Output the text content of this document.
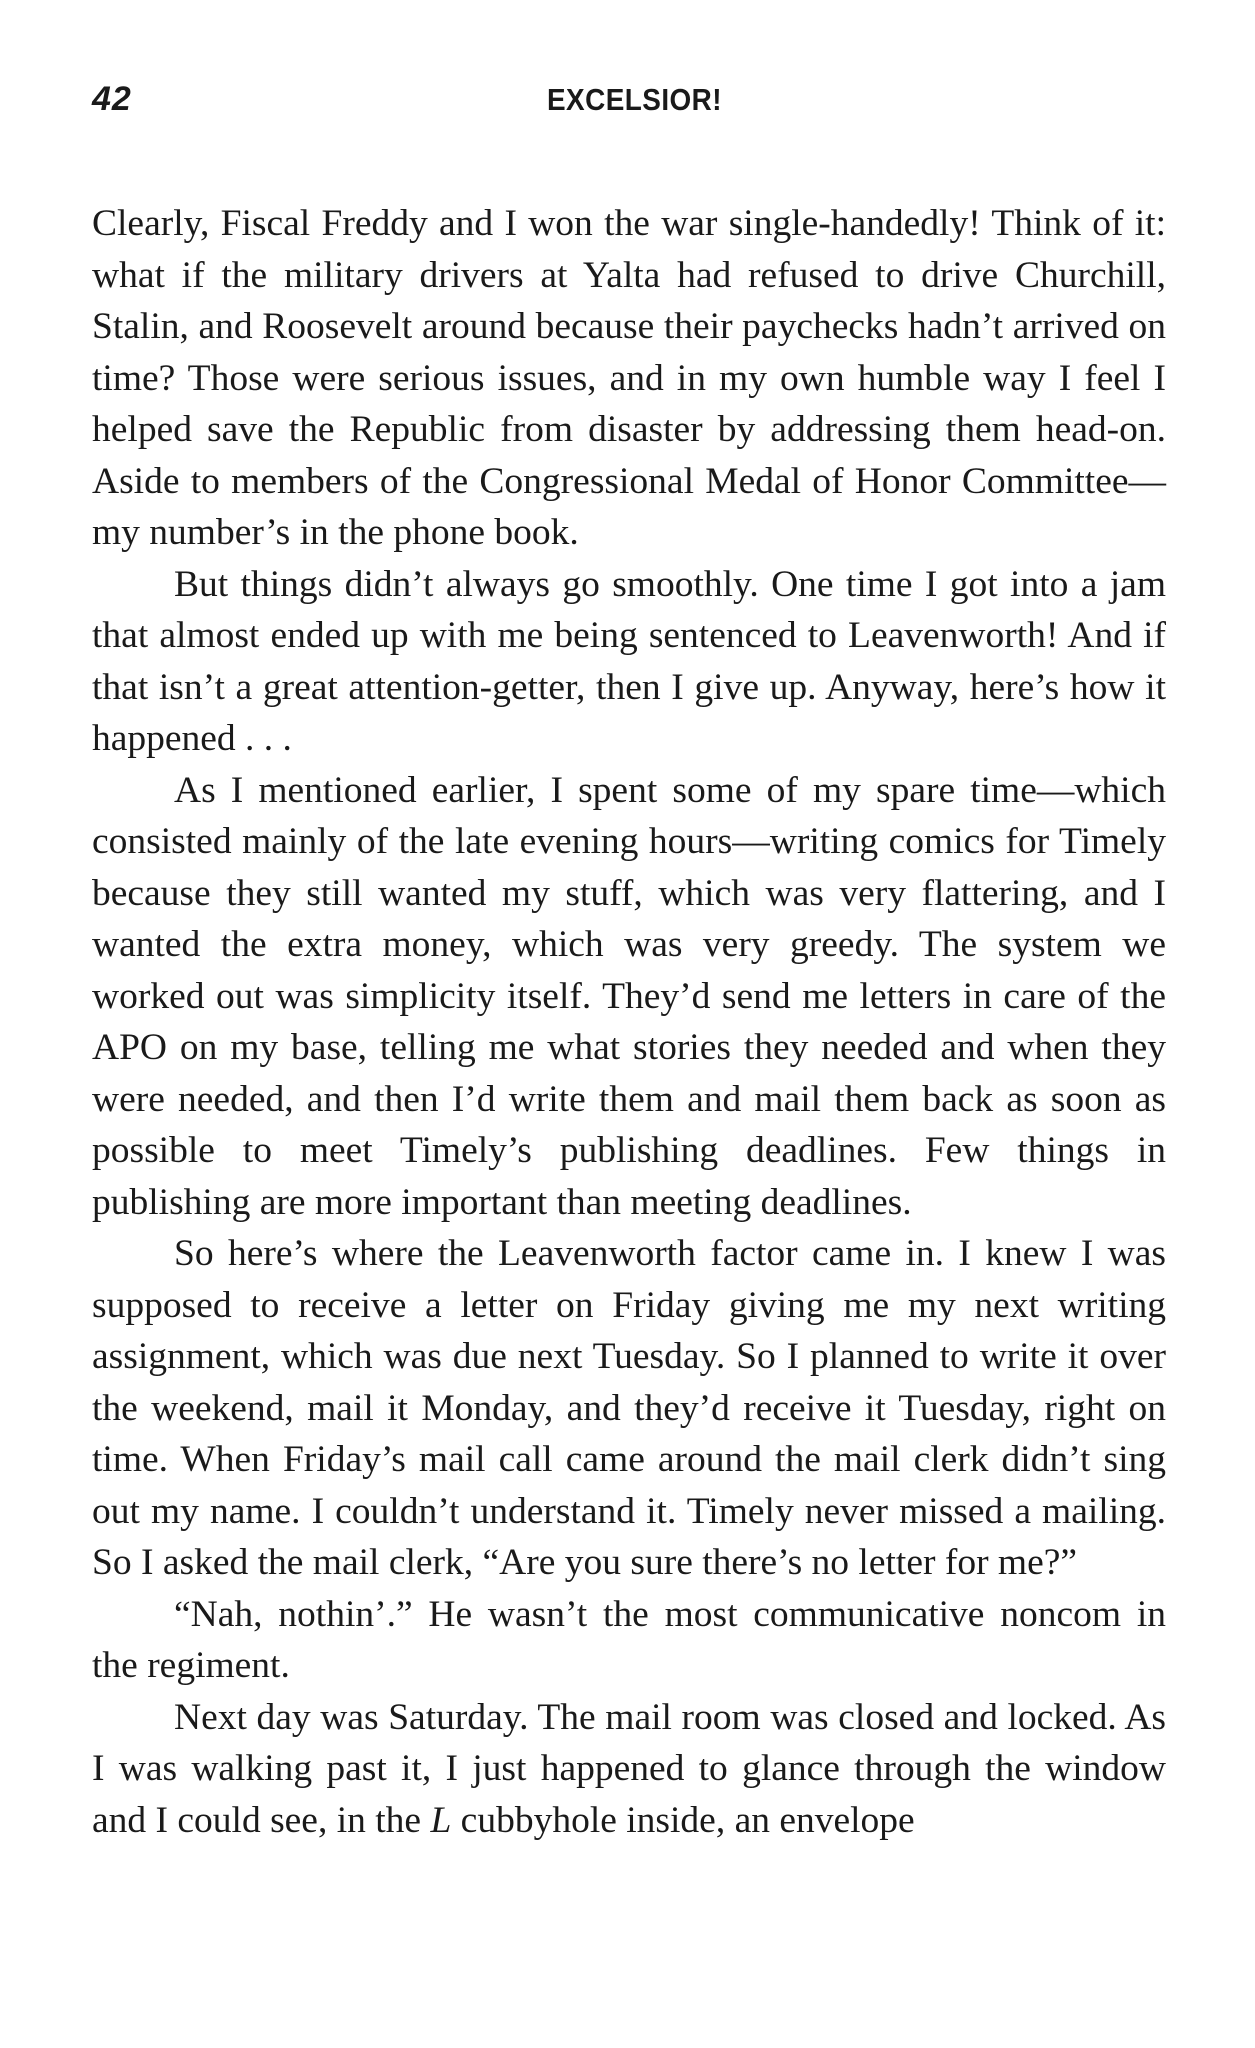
42	EXCELSIOR!

Clearly, Fiscal Freddy and I won the war single-handedly! Think of it: what if the military drivers at Yalta had refused to drive Churchill, Stalin, and Roosevelt around because their paychecks hadn’t arrived on time? Those were serious issues, and in my own humble way I feel I helped save the Republic from disaster by addressing them head-on. Aside to members of the Congressional Medal of Honor Committee—my number’s in the phone book.

But things didn’t always go smoothly. One time I got into a jam that almost ended up with me being sentenced to Leavenworth! And if that isn’t a great attention-getter, then I give up. Anyway, here’s how it happened . . .

As I mentioned earlier, I spent some of my spare time—which consisted mainly of the late evening hours—writing comics for Timely because they still wanted my stuff, which was very flattering, and I wanted the extra money, which was very greedy. The system we worked out was simplicity itself. They’d send me letters in care of the APO on my base, telling me what stories they needed and when they were needed, and then I’d write them and mail them back as soon as possible to meet Timely’s publishing deadlines. Few things in publishing are more important than meeting deadlines.

So here’s where the Leavenworth factor came in. I knew I was supposed to receive a letter on Friday giving me my next writing assignment, which was due next Tuesday. So I planned to write it over the weekend, mail it Monday, and they’d receive it Tuesday, right on time. When Friday’s mail call came around the mail clerk didn’t sing out my name. I couldn’t understand it. Timely never missed a mailing. So I asked the mail clerk, “Are you sure there’s no letter for me?”

“Nah, nothin’.” He wasn’t the most communicative noncom in the regiment.

Next day was Saturday. The mail room was closed and locked. As I was walking past it, I just happened to glance through the window and I could see, in the L cubbyhole inside, an envelope
